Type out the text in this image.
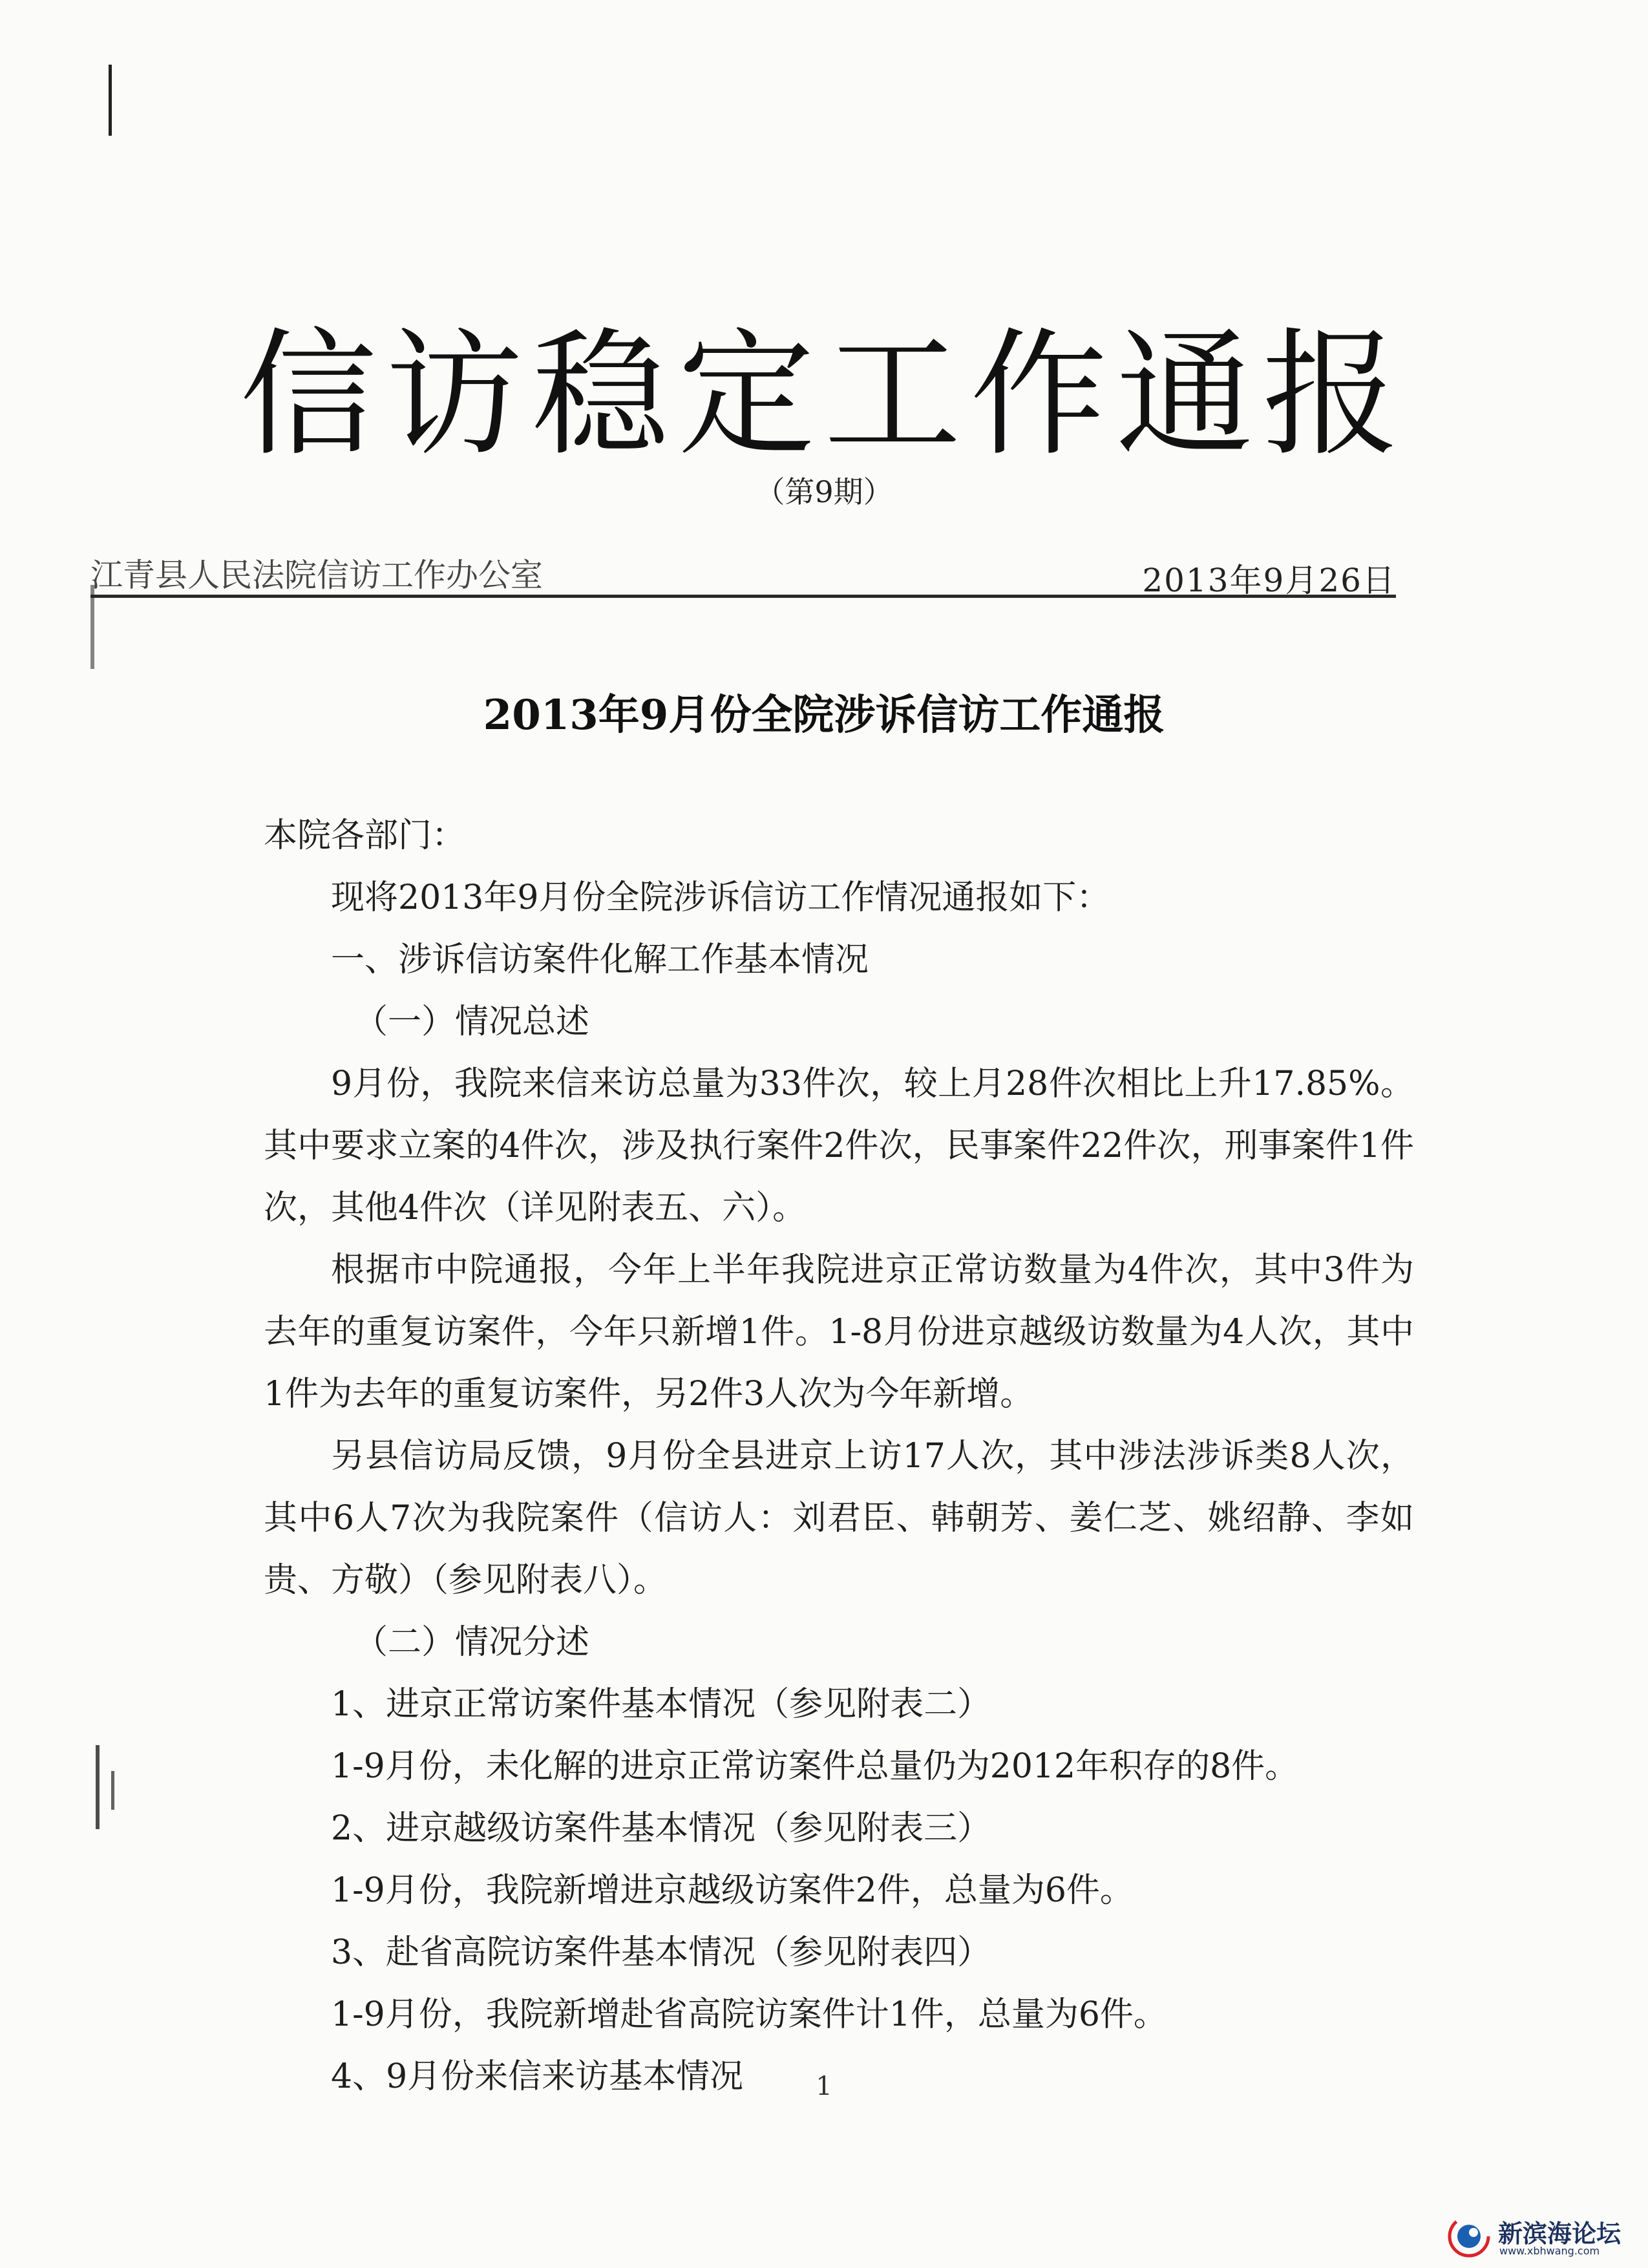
信访稳定工作通报
（第9期）
江青县人民法院信访工作办公室	2013年9月26日
2013年9月份全院涉诉信访工作通报
本院各部门：
现将2013年9月份全院涉诉信访工作情况通报如下：
一、涉诉信访案件化解工作基本情况
（一）情况总述
9月份，我院来信来访总量为33件次，较上月28件次相比上升17.85%。其中要求立案的4件次，涉及执行案件2件次，民事案件22件次，刑事案件1件次，其他4件次（详见附表五、六）。
根据市中院通报，今年上半年我院进京正常访数量为4件次，其中3件为去年的重复访案件，今年只新增1件。1-8月份进京越级访数量为4人次，其中1件为去年的重复访案件，另2件3人次为今年新增。
另县信访局反馈，9月份全县进京上访17人次，其中涉法涉诉类8人次，其中6人7次为我院案件（信访人：刘君臣、韩朝芳、姜仁芝、姚绍静、李如贵、方敬）（参见附表八）。
（二）情况分述
1、进京正常访案件基本情况（参见附表二）
1-9月份，未化解的进京正常访案件总量仍为2012年积存的8件。
2、进京越级访案件基本情况（参见附表三）
1-9月份，我院新增进京越级访案件2件，总量为6件。
3、赴省高院访案件基本情况（参见附表四）
1-9月份，我院新增赴省高院访案件计1件，总量为6件。
4、9月份来信来访基本情况	1
新滨海论坛
www.xbhwang.com
